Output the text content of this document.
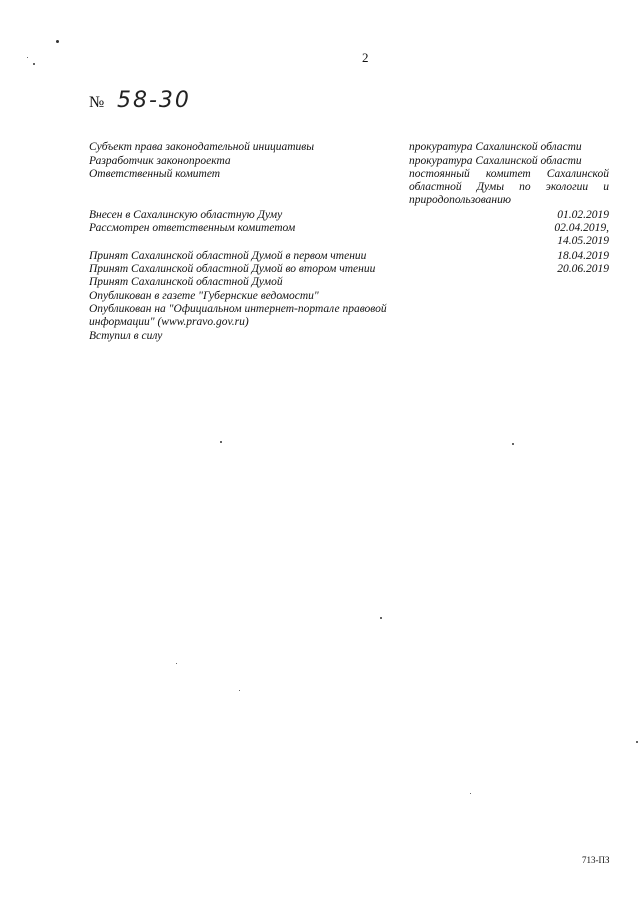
2
№ 58-30
Субъект права законодательной инициативы	прокуратура Сахалинской области
Разработчик законопроекта	прокуратура Сахалинской области
Ответственный комитет	постоянный комитет Сахалинской областной Думы по экологии и природопользованию
Внесен в Сахалинскую областную Думу	01.02.2019
Рассмотрен ответственным комитетом	02.04.2019,
14.05.2019
Принят Сахалинской областной Думой в первом чтении	18.04.2019
Принят Сахалинской областной Думой во втором чтении	20.06.2019
Принят Сахалинской областной Думой
Опубликован в газете "Губернские ведомости"
Опубликован на "Официальном интернет-портале правовой информации" (www.pravo.gov.ru)
Вступил в силу
713-ПЗ
